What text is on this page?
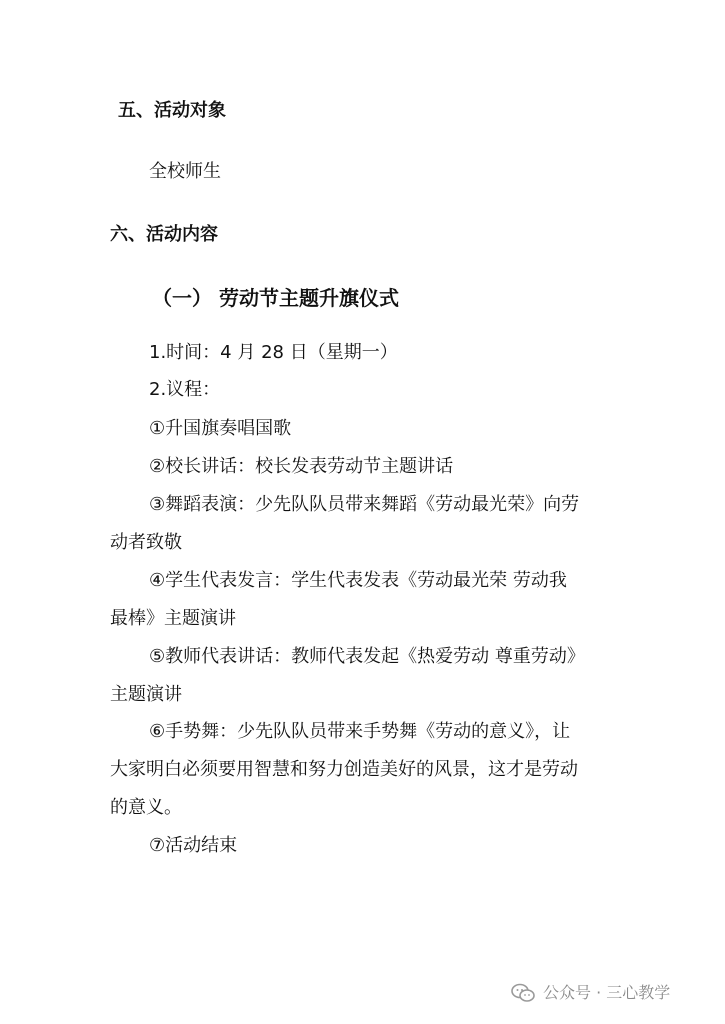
五、活动对象
全校师生
六、活动内容
（一） 劳动节主题升旗仪式
1.时间：4 月 28 日（星期一）
2.议程：
①升国旗奏唱国歌
②校长讲话：校长发表劳动节主题讲话
③舞蹈表演：少先队队员带来舞蹈《劳动最光荣》向劳
动者致敬
④学生代表发言：学生代表发表《劳动最光荣 劳动我
最棒》主题演讲
⑤教师代表讲话：教师代表发起《热爱劳动 尊重劳动》
主题演讲
⑥手势舞：少先队队员带来手势舞《劳动的意义》，让
大家明白必须要用智慧和努力创造美好的风景，这才是劳动
的意义。
⑦活动结束
公众号 · 三心教学
